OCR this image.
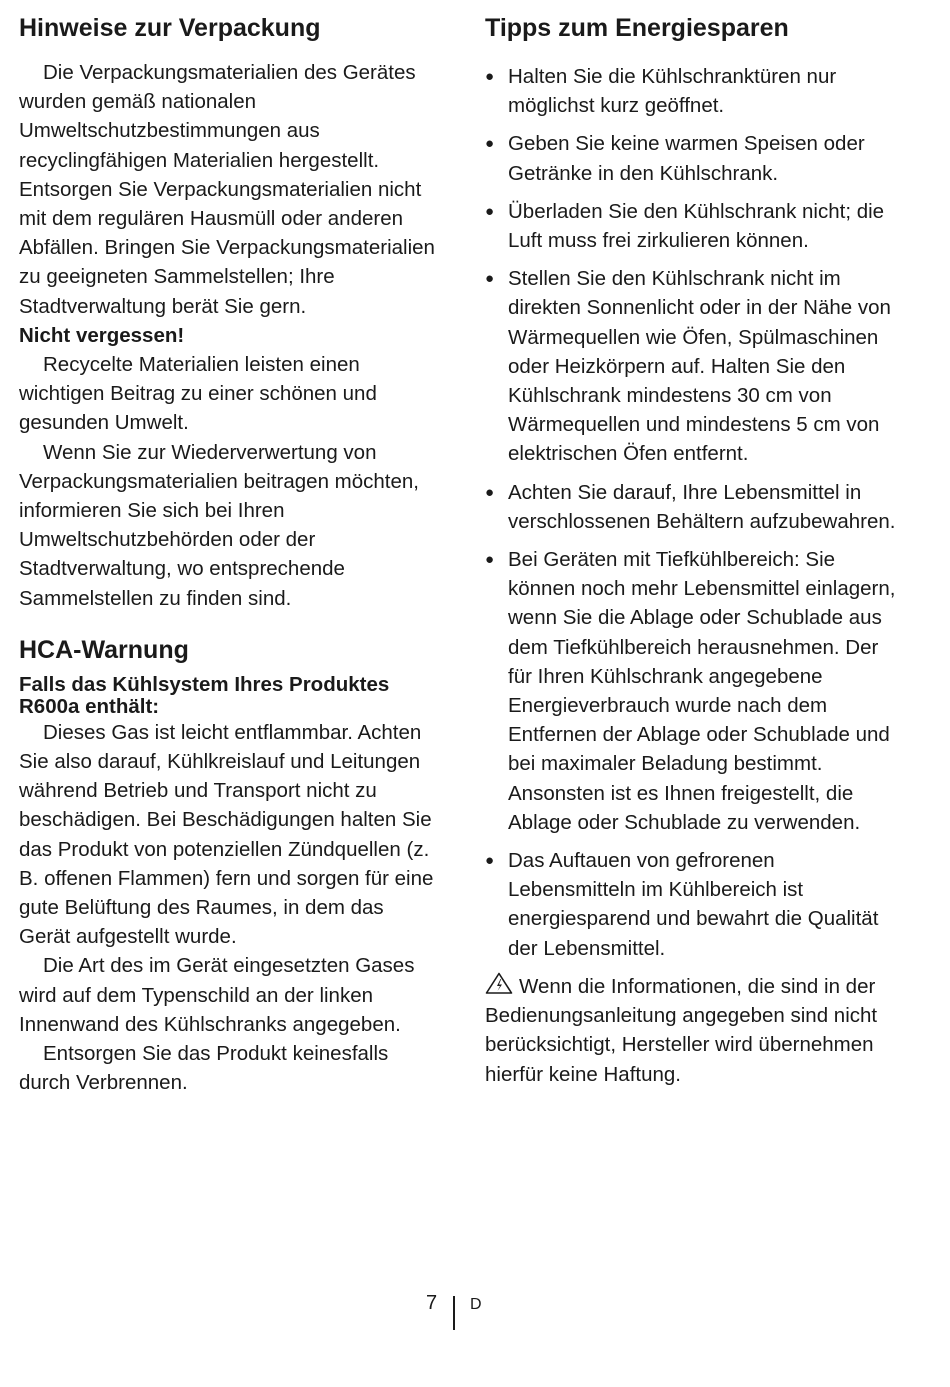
Hinweise zur Verpackung

Die Verpackungsmaterialien des Gerätes wurden gemäß nationalen Umweltschutzbestimmungen aus recyclingfähigen Materialien hergestellt. Entsorgen Sie Verpackungsmaterialien nicht mit dem regulären Hausmüll oder anderen Abfällen. Bringen Sie Verpackungsmaterialien zu geeigneten Sammelstellen; Ihre Stadtverwaltung berät Sie gern.

Nicht vergessen!

Recycelte Materialien leisten einen wichtigen Beitrag zu einer schönen und gesunden Umwelt.

Wenn Sie zur Wiederverwertung von Verpackungsmaterialien beitragen möchten, informieren Sie sich bei Ihren Umweltschutzbehörden oder der Stadtverwaltung, wo entsprechende Sammelstellen zu finden sind.

HCA-Warnung
Falls das Kühlsystem Ihres Produktes R600a enthält:

Dieses Gas ist leicht entflammbar. Achten Sie also darauf, Kühlkreislauf und Leitungen während Betrieb und Transport nicht zu beschädigen. Bei Beschädigungen halten Sie das Produkt von potenziellen Zündquellen (z. B. offenen Flammen) fern und sorgen für eine gute Belüftung des Raumes, in dem das Gerät aufgestellt wurde.

Die Art des im Gerät eingesetzten Gases wird auf dem Typenschild an der linken Innenwand des Kühlschranks angegeben.

Entsorgen Sie das Produkt keinesfalls durch Verbrennen.

Tipps zum Energiesparen
● Halten Sie die Kühlschranktüren nur möglichst kurz geöffnet.
● Geben Sie keine warmen Speisen oder Getränke in den Kühlschrank.
● Überladen Sie den Kühlschrank nicht; die Luft muss frei zirkulieren können.
● Stellen Sie den Kühlschrank nicht im direkten Sonnenlicht oder in der Nähe von Wärmequellen wie Öfen, Spülmaschinen oder Heizkörpern auf. Halten Sie den Kühlschrank mindestens 30 cm von Wärmequellen und mindestens 5 cm von elektrischen Öfen entfernt.
● Achten Sie darauf, Ihre Lebensmittel in verschlossenen Behältern aufzubewahren.
● Bei Geräten mit Tiefkühlbereich: Sie können noch mehr Lebensmittel einlagern, wenn Sie die Ablage oder Schublade aus dem Tiefkühlbereich herausnehmen. Der für Ihren Kühlschrank angegebene Energieverbrauch wurde nach dem Entfernen der Ablage oder Schublade und bei maximaler Beladung bestimmt. Ansonsten ist es Ihnen freigestellt, die Ablage oder Schublade zu verwenden.
● Das Auftauen von gefrorenen Lebensmitteln im Kühlbereich ist energiesparend und bewahrt die Qualität der Lebensmittel.
Wenn die Informationen, die sind in der Bedienungsanleitung angegeben sind nicht berücksichtigt, Hersteller wird übernehmen hierfür keine Haftung.
7 D
